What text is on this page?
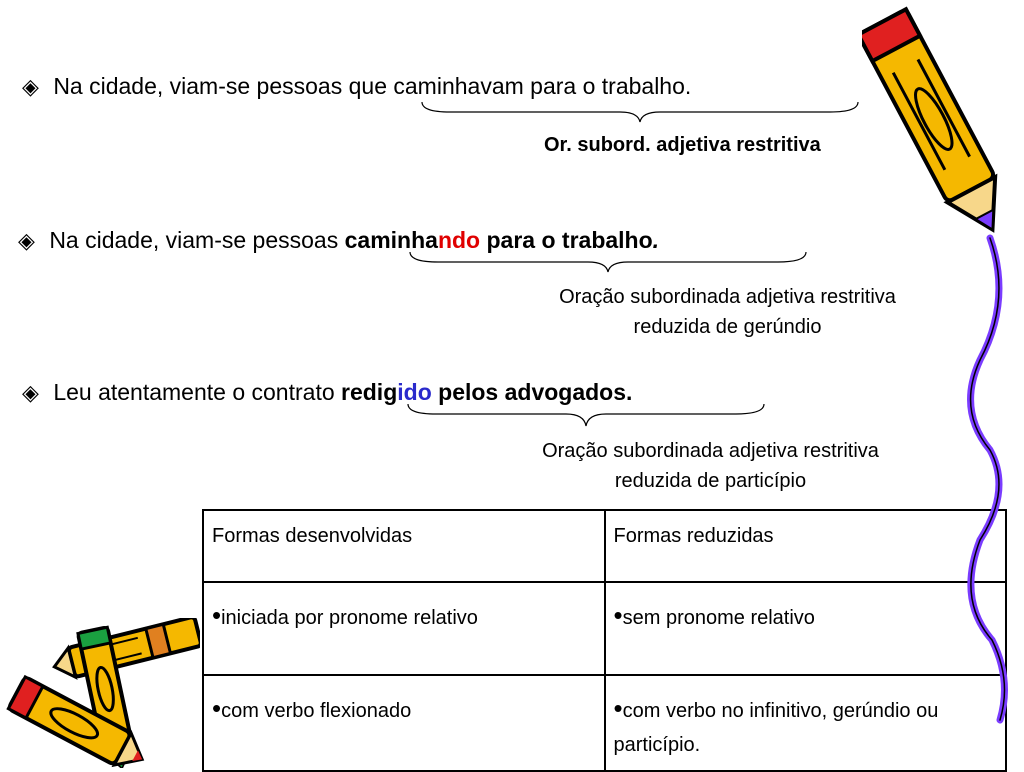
◈ Na cidade, viam-se pessoas que caminhavam para o trabalho.
Or. subord. adjetiva restritiva
◈ Na cidade, viam-se pessoas caminhando para o trabalho.
Oração subordinada adjetiva restritiva
reduzida de gerúndio
◈ Leu atentamente o contrato redigido pelos advogados.
Oração subordinada adjetiva restritiva
reduzida de particípio
Formas desenvolvidas	Formas reduzidas
•iniciada por pronome relativo	•sem pronome relativo
•com verbo flexionado	•com verbo no infinitivo, gerúndio ou particípio.
